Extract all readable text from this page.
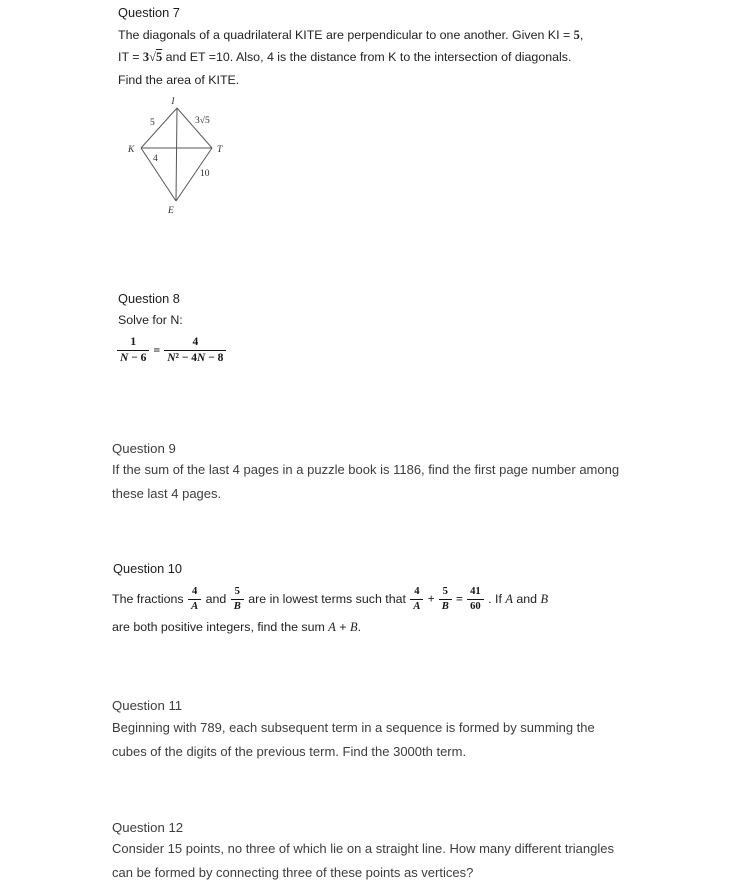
Question 7
The diagonals of a quadrilateral KITE are perpendicular to one another. Given KI = 5,
IT = 3√5 and ET =10. Also, 4 is the distance from K to the intersection of diagonals.
Find the area of KITE.
I
K	T
E
5	3√5
4
10
Question 8
Solve for N:
$\frac{1}{N - 6} = \frac{4}{\text{N² − 4N − 8}}$
Question 9
If the sum of the last 4 pages in a puzzle book is 1186, find the first page number among
these last 4 pages.
Question 10
The fractions $\frac{4}{A}$ and $\frac{5}{B}$ are in lowest terms such that $\frac{4}{A} + \frac{5}{B} = \frac{41}{60}$ . If A and B
are both positive integers, find the sum A + B.
Question 11
Beginning with 789, each subsequent term in a sequence is formed by summing the
cubes of the digits of the previous term. Find the 3000th term.
Question 12
Consider 15 points, no three of which lie on a straight line. How many different triangles
can be formed by connecting three of these points as vertices?
